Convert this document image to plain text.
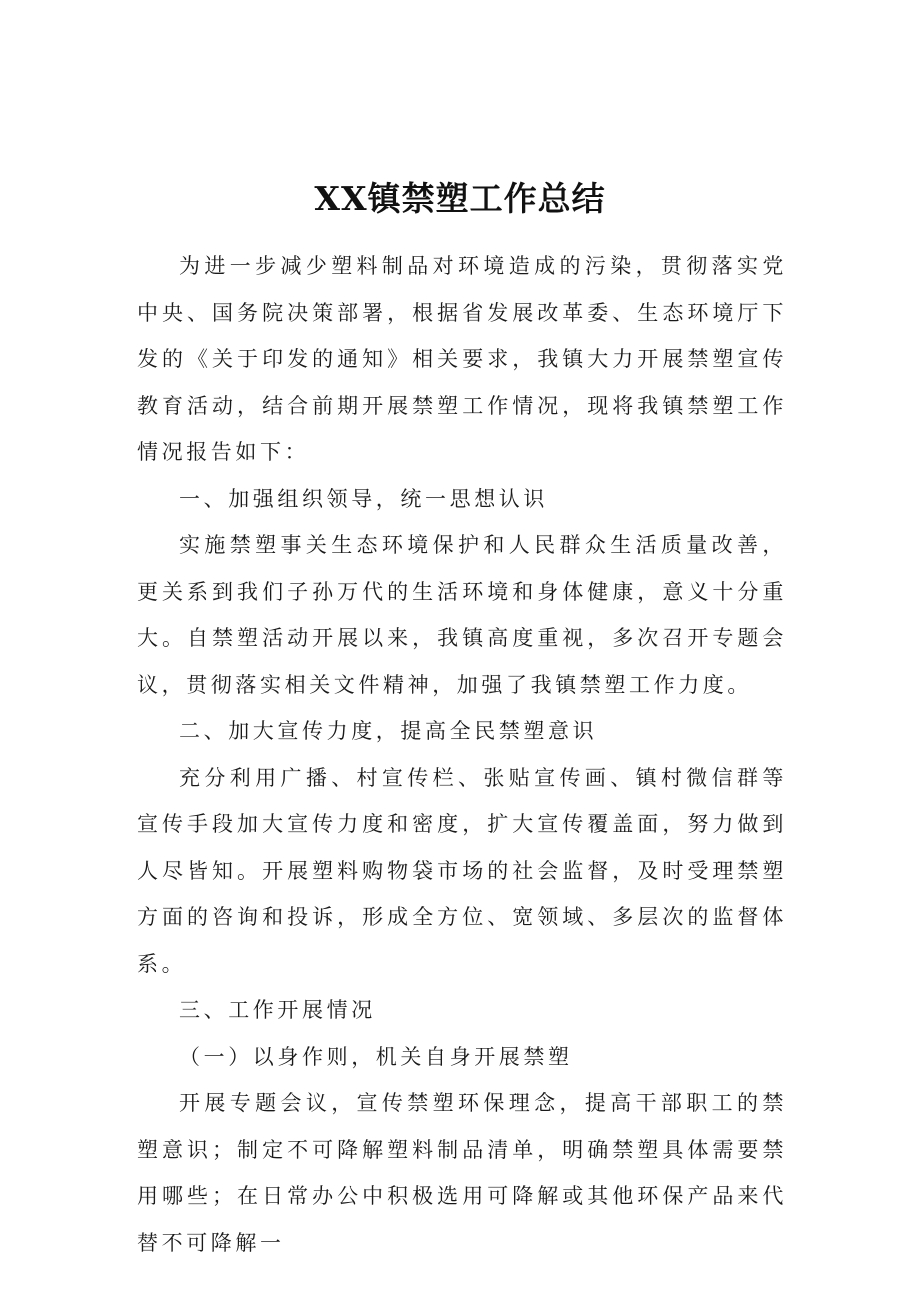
XX镇禁塑工作总结

为进一步减少塑料制品对环境造成的污染，贯彻落实党中央、国务院决策部署，根据省发展改革委、生态环境厅下发的《关于印发的通知》相关要求，我镇大力开展禁塑宣传教育活动，结合前期开展禁塑工作情况，现将我镇禁塑工作情况报告如下：

一、加强组织领导，统一思想认识

实施禁塑事关生态环境保护和人民群众生活质量改善，更关系到我们子孙万代的生活环境和身体健康，意义十分重大。自禁塑活动开展以来，我镇高度重视，多次召开专题会议，贯彻落实相关文件精神，加强了我镇禁塑工作力度。

二、加大宣传力度，提高全民禁塑意识

充分利用广播、村宣传栏、张贴宣传画、镇村微信群等宣传手段加大宣传力度和密度，扩大宣传覆盖面，努力做到人尽皆知。开展塑料购物袋市场的社会监督，及时受理禁塑方面的咨询和投诉，形成全方位、宽领域、多层次的监督体系。

三、工作开展情况

（一）以身作则，机关自身开展禁塑

开展专题会议，宣传禁塑环保理念，提高干部职工的禁塑意识；制定不可降解塑料制品清单，明确禁塑具体需要禁用哪些；在日常办公中积极选用可降解或其他环保产品来代替不可降解一
